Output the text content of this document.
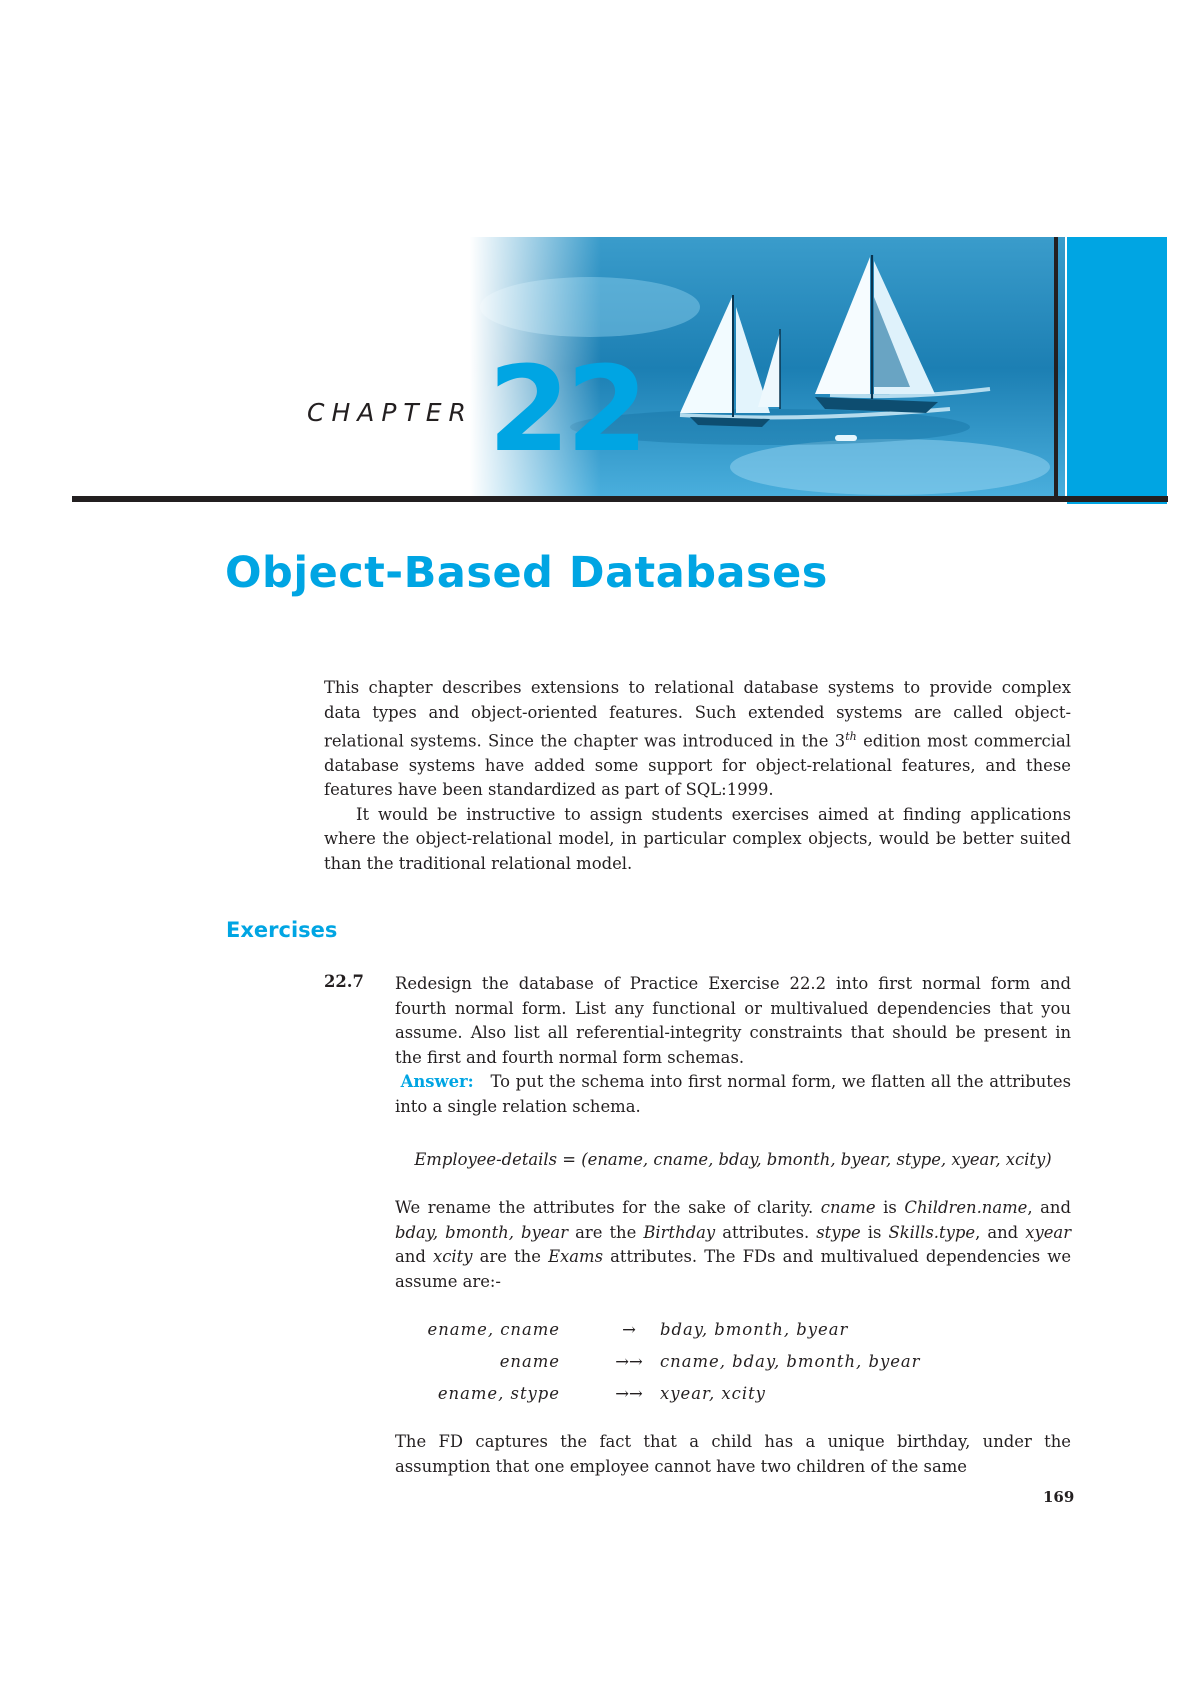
CHAPTER 22

Object-Based Databases

This chapter describes extensions to relational database systems to provide complex data types and object-oriented features. Such extended systems are called object-relational systems. Since the chapter was introduced in the 3th edition most commercial database systems have added some support for object-relational features, and these features have been standardized as part of SQL:1999.

It would be instructive to assign students exercises aimed at finding applications where the object-relational model, in particular complex objects, would be better suited than the traditional relational model.

Exercises
22.7 Redesign the database of Practice Exercise 22.2 into first normal form and fourth normal form. List any functional or multivalued dependencies that you assume. Also list all referential-integrity constraints that should be present in the first and fourth normal form schemas.

Answer: To put the schema into first normal form, we flatten all the attributes into a single relation schema.

Employee-details = (ename, cname, bday, bmonth, byear, stype, xyear, xcity)

We rename the attributes for the sake of clarity. cname is Children.name, and bday, bmonth, byear are the Birthday attributes. stype is Skills.type, and xyear and xcity are the Exams attributes. The FDs and multivalued dependencies we assume are:-

ename, cname	→	bday, bmonth, byear
ename	→→ cname, bday, bmonth, byear
ename, stype	→→ xyear, xcity

The FD captures the fact that a child has a unique birthday, under the assumption that one employee cannot have two children of the same

169
